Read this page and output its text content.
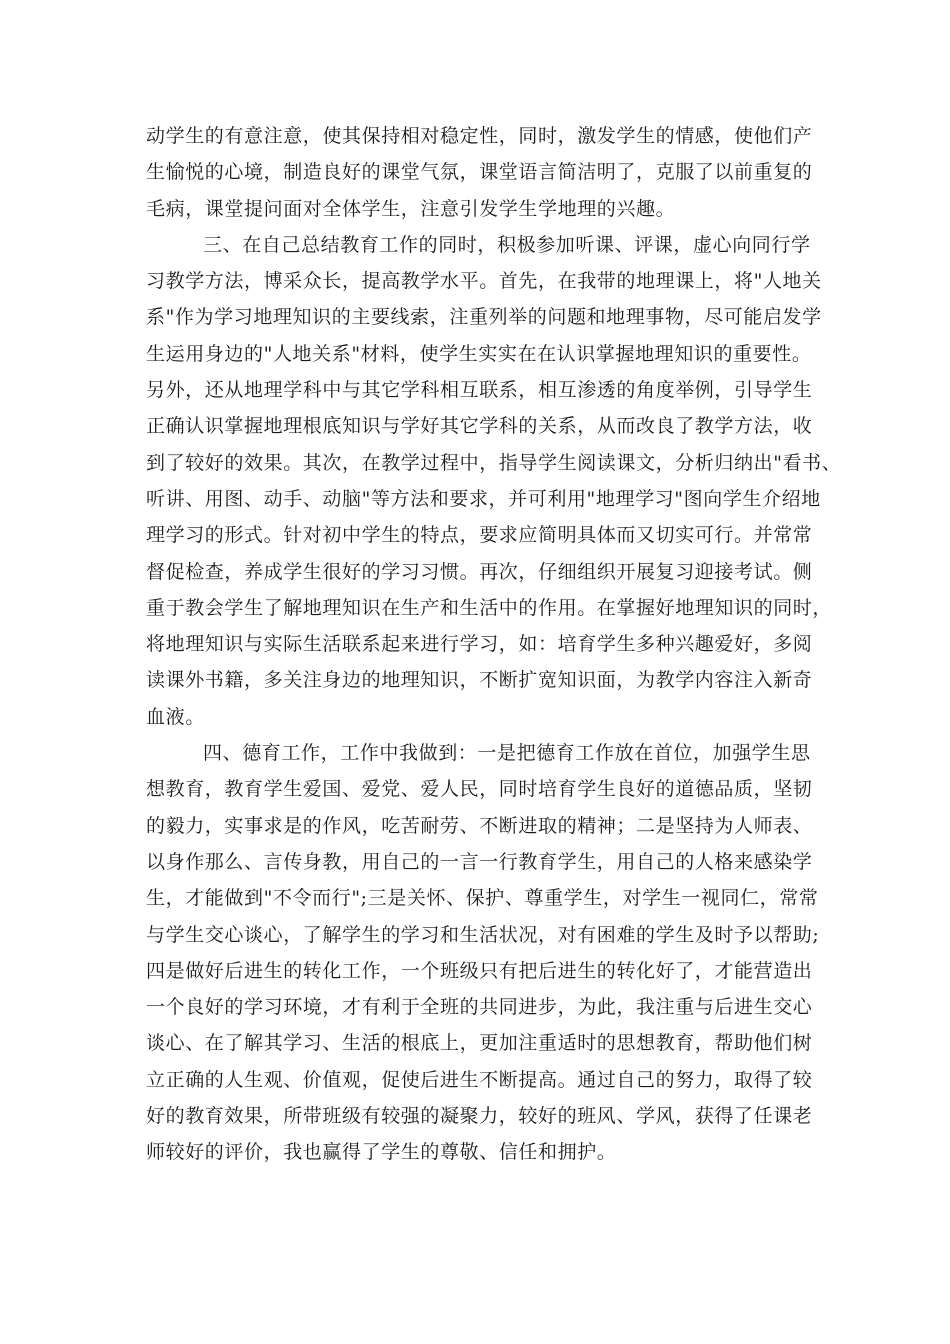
动学生的有意注意，使其保持相对稳定性，同时，激发学生的情感，使他们产
生愉悦的心境，制造良好的课堂气氛，课堂语言简洁明了，克服了以前重复的
毛病，课堂提问面对全体学生，注意引发学生学地理的兴趣。
三、在自己总结教育工作的同时，积极参加听课、评课，虚心向同行学
习教学方法，博采众长，提高教学水平。首先，在我带的地理课上，将"人地关
系"作为学习地理知识的主要线索，注重列举的问题和地理事物，尽可能启发学
生运用身边的"人地关系"材料，使学生实实在在认识掌握地理知识的重要性。
另外，还从地理学科中与其它学科相互联系，相互渗透的角度举例，引导学生
正确认识掌握地理根底知识与学好其它学科的关系，从而改良了教学方法，收
到了较好的效果。其次，在教学过程中，指导学生阅读课文，分析归纳出"看书、
听讲、用图、动手、动脑"等方法和要求，并可利用"地理学习"图向学生介绍地
理学习的形式。针对初中学生的特点，要求应简明具体而又切实可行。并常常
督促检查，养成学生很好的学习习惯。再次，仔细组织开展复习迎接考试。侧
重于教会学生了解地理知识在生产和生活中的作用。在掌握好地理知识的同时，
将地理知识与实际生活联系起来进行学习，如：培育学生多种兴趣爱好，多阅
读课外书籍，多关注身边的地理知识，不断扩宽知识面，为教学内容注入新奇
血液。
四、德育工作，工作中我做到：一是把德育工作放在首位，加强学生思
想教育，教育学生爱国、爱党、爱人民，同时培育学生良好的道德品质，坚韧
的毅力，实事求是的作风，吃苦耐劳、不断进取的精神；二是坚持为人师表、
以身作那么、言传身教，用自己的一言一行教育学生，用自己的人格来感染学
生，才能做到"不令而行";三是关怀、保护、尊重学生，对学生一视同仁，常常
与学生交心谈心，了解学生的学习和生活状况，对有困难的学生及时予以帮助;
四是做好后进生的转化工作，一个班级只有把后进生的转化好了，才能营造出
一个良好的学习环境，才有利于全班的共同进步，为此，我注重与后进生交心
谈心、在了解其学习、生活的根底上，更加注重适时的思想教育，帮助他们树
立正确的人生观、价值观，促使后进生不断提高。通过自己的努力，取得了较
好的教育效果，所带班级有较强的凝聚力，较好的班风、学风，获得了任课老
师较好的评价，我也赢得了学生的尊敬、信任和拥护。
